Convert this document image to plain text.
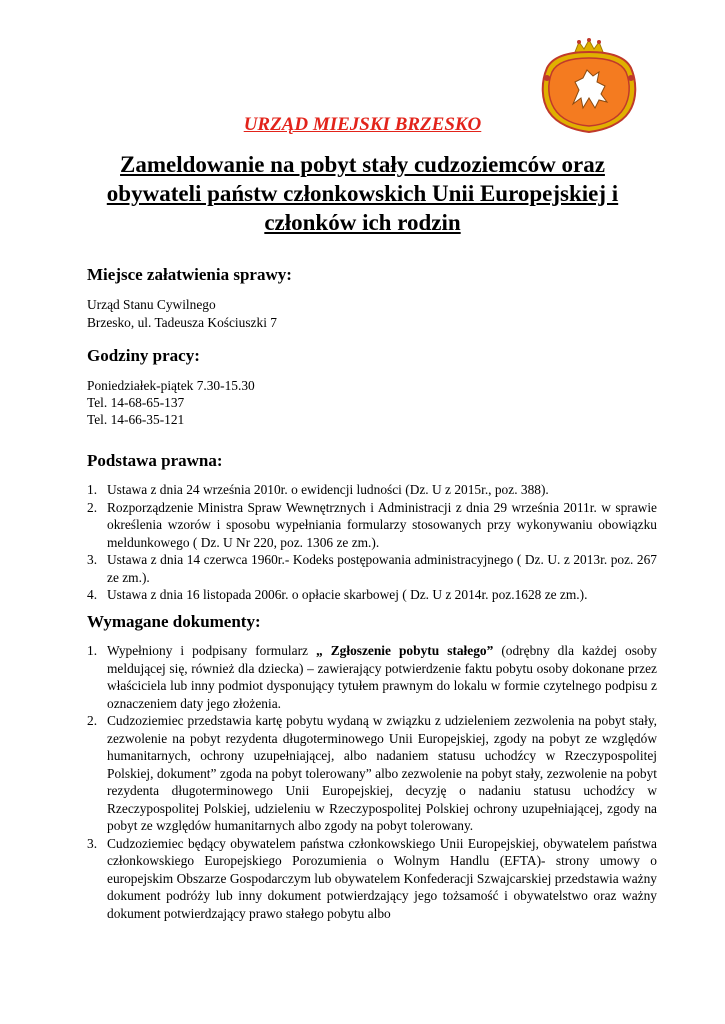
URZĄD MIEJSKI BRZESKO
Zameldowanie na pobyt stały cudzoziemców oraz obywateli państw członkowskich Unii Europejskiej i członków ich rodzin
Miejsce załatwienia sprawy:
Urząd Stanu Cywilnego
Brzesko, ul. Tadeusza Kościuszki 7
Godziny pracy:
Poniedziałek-piątek 7.30-15.30
Tel. 14-68-65-137
Tel. 14-66-35-121
Podstawa prawna:
1. Ustawa z dnia 24 września 2010r. o ewidencji ludności (Dz. U z 2015r., poz. 388).
2. Rozporządzenie Ministra Spraw Wewnętrznych i Administracji z dnia 29 września 2011r. w sprawie określenia wzorów i sposobu wypełniania formularzy stosowanych przy wykonywaniu obowiązku meldunkowego ( Dz. U Nr 220, poz. 1306 ze zm.).
3. Ustawa z dnia 14 czerwca 1960r.- Kodeks postępowania administracyjnego ( Dz. U. z 2013r. poz. 267 ze zm.).
4. Ustawa z dnia 16 listopada 2006r. o opłacie skarbowej ( Dz. U z 2014r. poz.1628 ze zm.).
Wymagane dokumenty:
1. Wypełniony i podpisany formularz „ Zgłoszenie pobytu stałego” (odrębny dla każdej osoby meldującej się, również dla dziecka) – zawierający potwierdzenie faktu pobytu osoby dokonane przez właściciela lub inny podmiot dysponujący tytułem prawnym do lokalu w formie czytelnego podpisu z oznaczeniem daty jego złożenia.
2. Cudzoziemiec przedstawia kartę pobytu wydaną w związku z udzieleniem zezwolenia na pobyt stały, zezwolenie na pobyt rezydenta długoterminowego Unii Europejskiej, zgody na pobyt ze względów humanitarnych, ochrony uzupełniającej, albo nadaniem statusu uchodźcy w Rzeczypospolitej Polskiej, dokument” zgoda na pobyt tolerowany” albo zezwolenie na pobyt stały, zezwolenie na pobyt rezydenta długoterminowego Unii Europejskiej, decyzję o nadaniu statusu uchodźcy w Rzeczypospolitej Polskiej, udzieleniu w Rzeczypospolitej Polskiej ochrony uzupełniającej, zgody na pobyt ze względów humanitarnych albo zgody na pobyt tolerowany.
3. Cudzoziemiec będący obywatelem państwa członkowskiego Unii Europejskiej, obywatelem państwa członkowskiego Europejskiego Porozumienia o Wolnym Handlu (EFTA)- strony umowy o europejskim Obszarze Gospodarczym lub obywatelem Konfederacji Szwajcarskiej przedstawia ważny dokument podróży lub inny dokument potwierdzający jego tożsamość i obywatelstwo oraz ważny dokument potwierdzający prawo stałego pobytu albo
